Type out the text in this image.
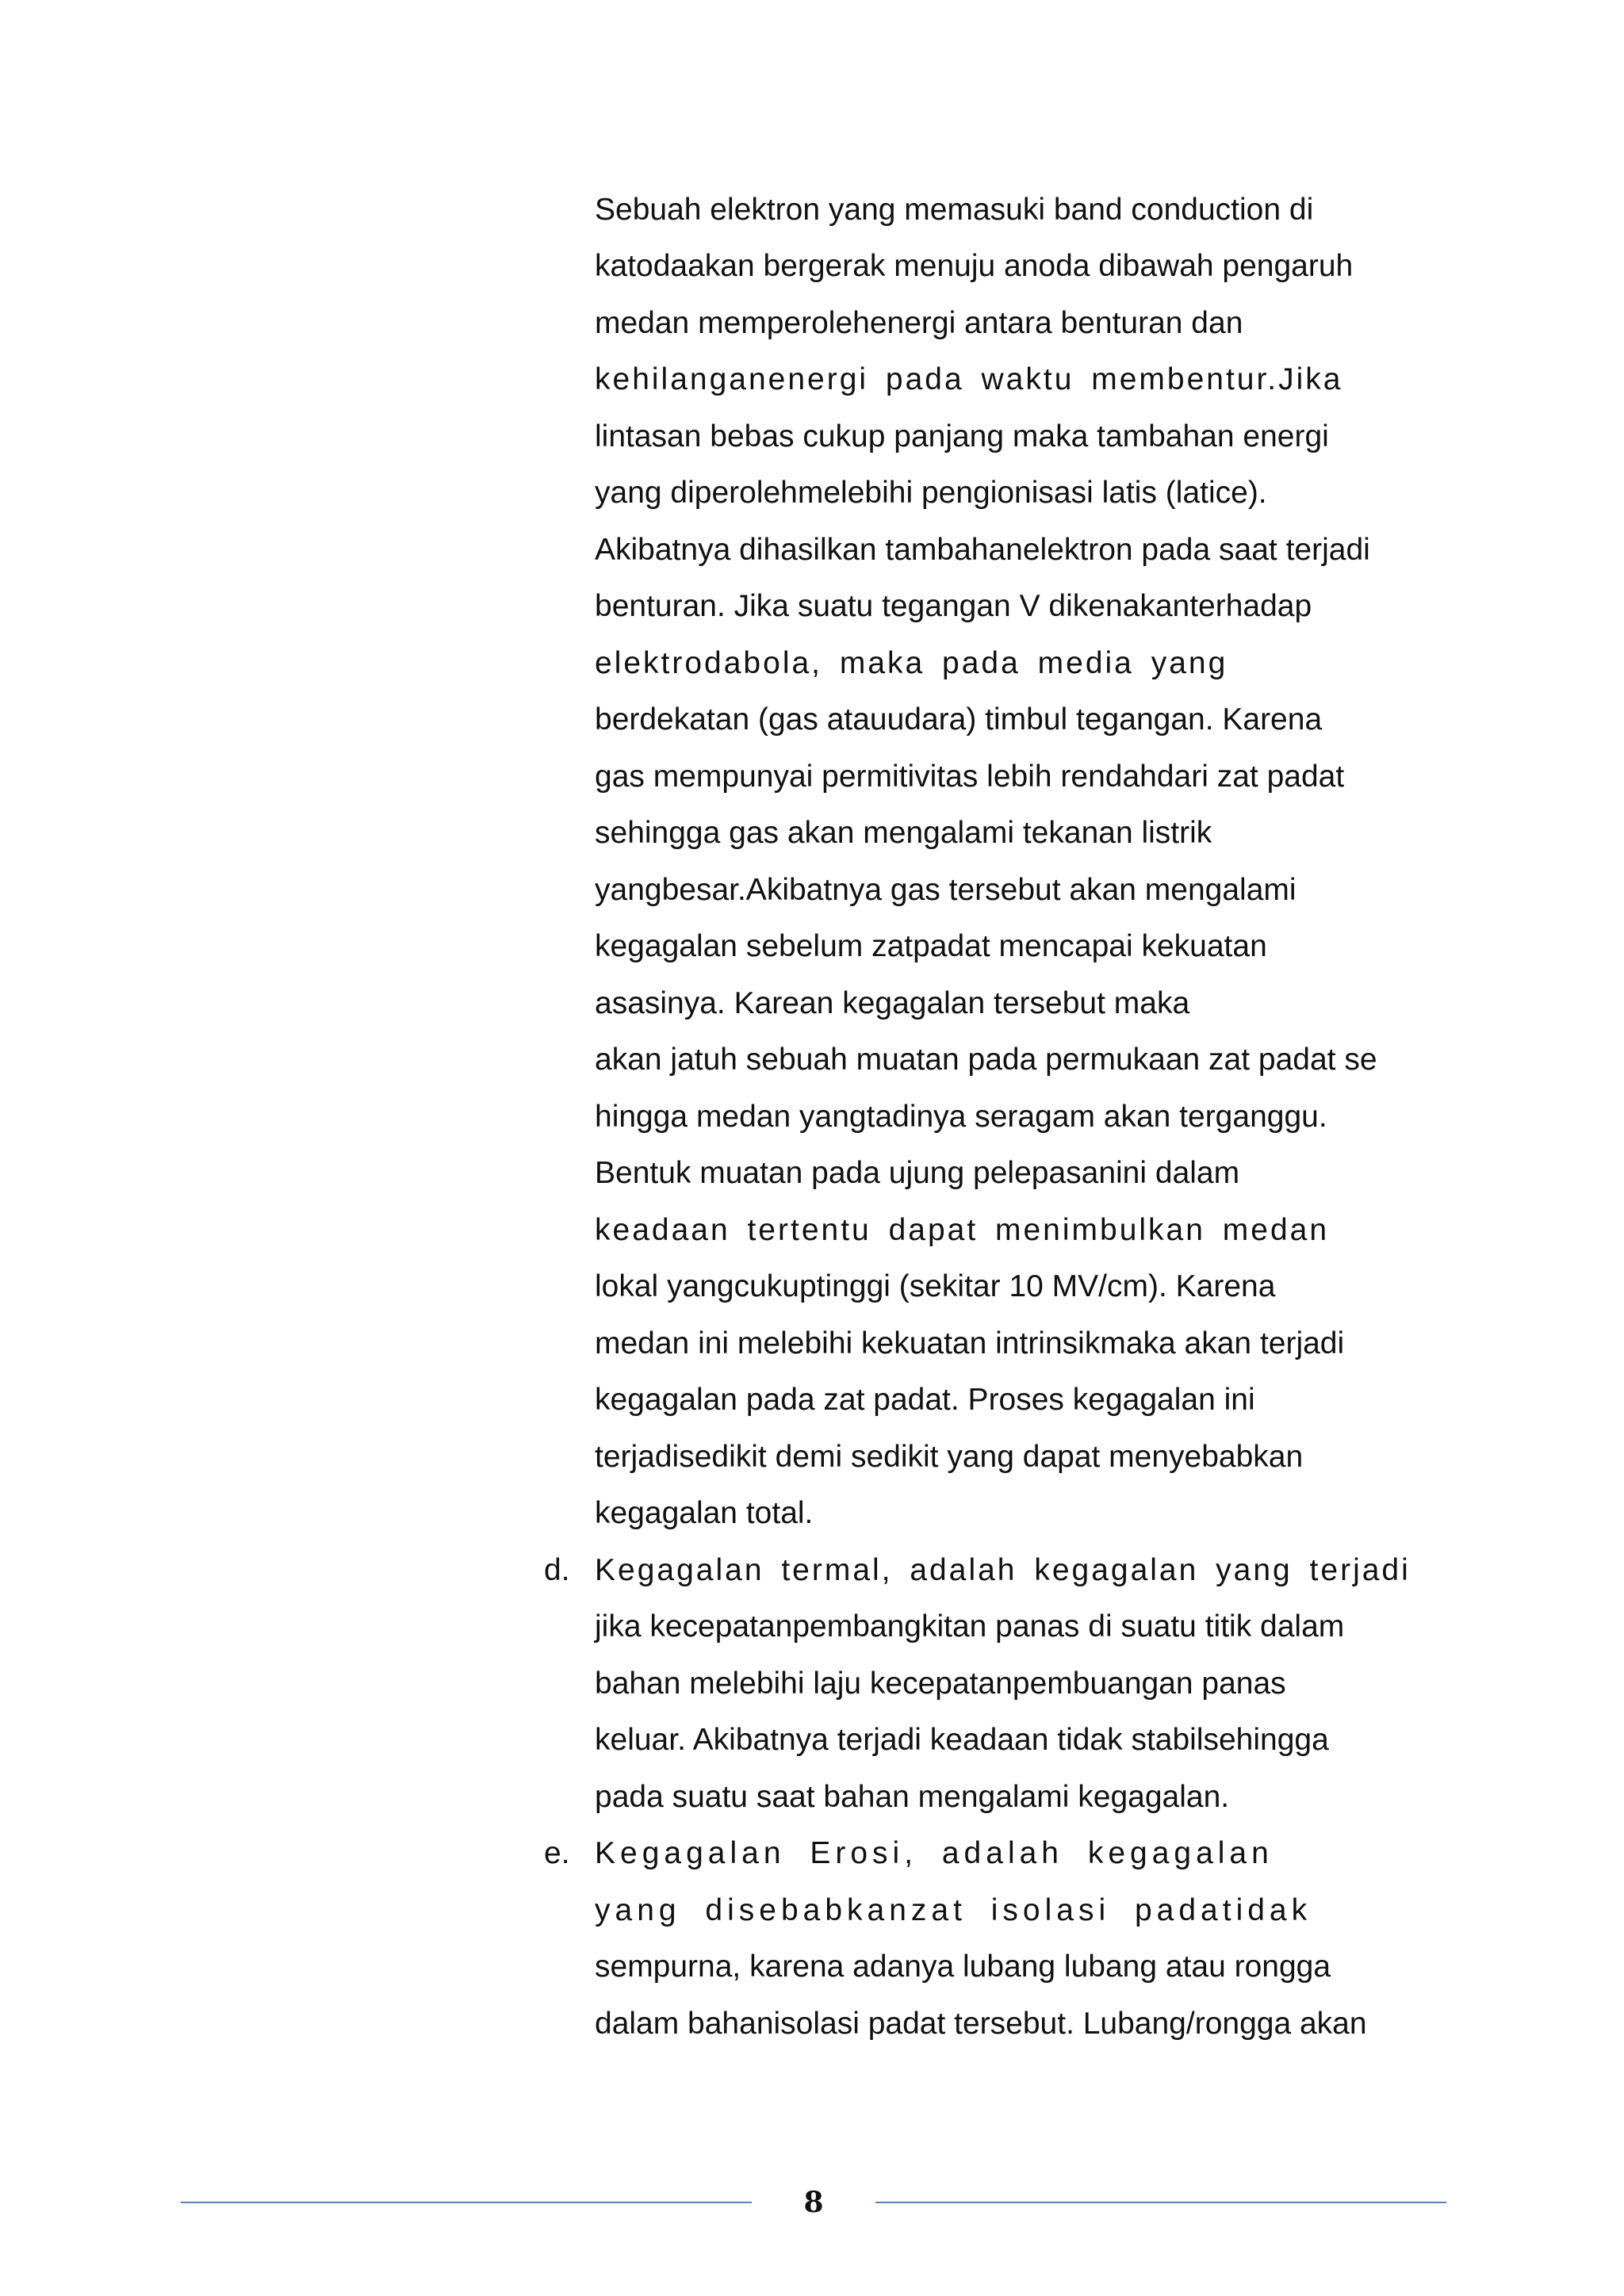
Sebuah elektron yang memasuki band conduction di
katodaakan bergerak menuju anoda dibawah pengaruh
medan memperolehenergi antara benturan dan
kehilanganenergi pada waktu membentur.Jika
lintasan bebas cukup panjang maka tambahan energi
yang diperolehmelebihi pengionisasi latis (latice).
Akibatnya dihasilkan tambahanelektron pada saat terjadi
benturan. Jika suatu tegangan V dikenakanterhadap
elektrodabola, maka pada media yang
berdekatan (gas atauudara) timbul tegangan. Karena
gas mempunyai permitivitas lebih rendahdari zat padat
sehingga gas akan mengalami tekanan listrik
yangbesar.Akibatnya gas tersebut akan mengalami
kegagalan sebelum zatpadat mencapai kekuatan
asasinya. Karean kegagalan tersebut maka
akan jatuh sebuah muatan pada permukaan zat padat se
hingga medan yangtadinya seragam akan terganggu.
Bentuk muatan pada ujung pelepasanini dalam
keadaan tertentu dapat menimbulkan medan
lokal yangcukuptinggi (sekitar 10 MV/cm). Karena
medan ini melebihi kekuatan intrinsikmaka akan terjadi
kegagalan pada zat padat. Proses kegagalan ini
terjadisedikit demi sedikit yang dapat menyebabkan
kegagalan total.
d. Kegagalan termal, adalah kegagalan yang terjadi
jika kecepatanpembangkitan panas di suatu titik dalam
bahan melebihi laju kecepatanpembuangan panas
keluar. Akibatnya terjadi keadaan tidak stabilsehingga
pada suatu saat bahan mengalami kegagalan.
e. Kegagalan Erosi, adalah kegagalan
yang disebabkanzat isolasi padatidak
sempurna, karena adanya lubang lubang atau rongga
dalam bahanisolasi padat tersebut. Lubang/rongga akan
8
